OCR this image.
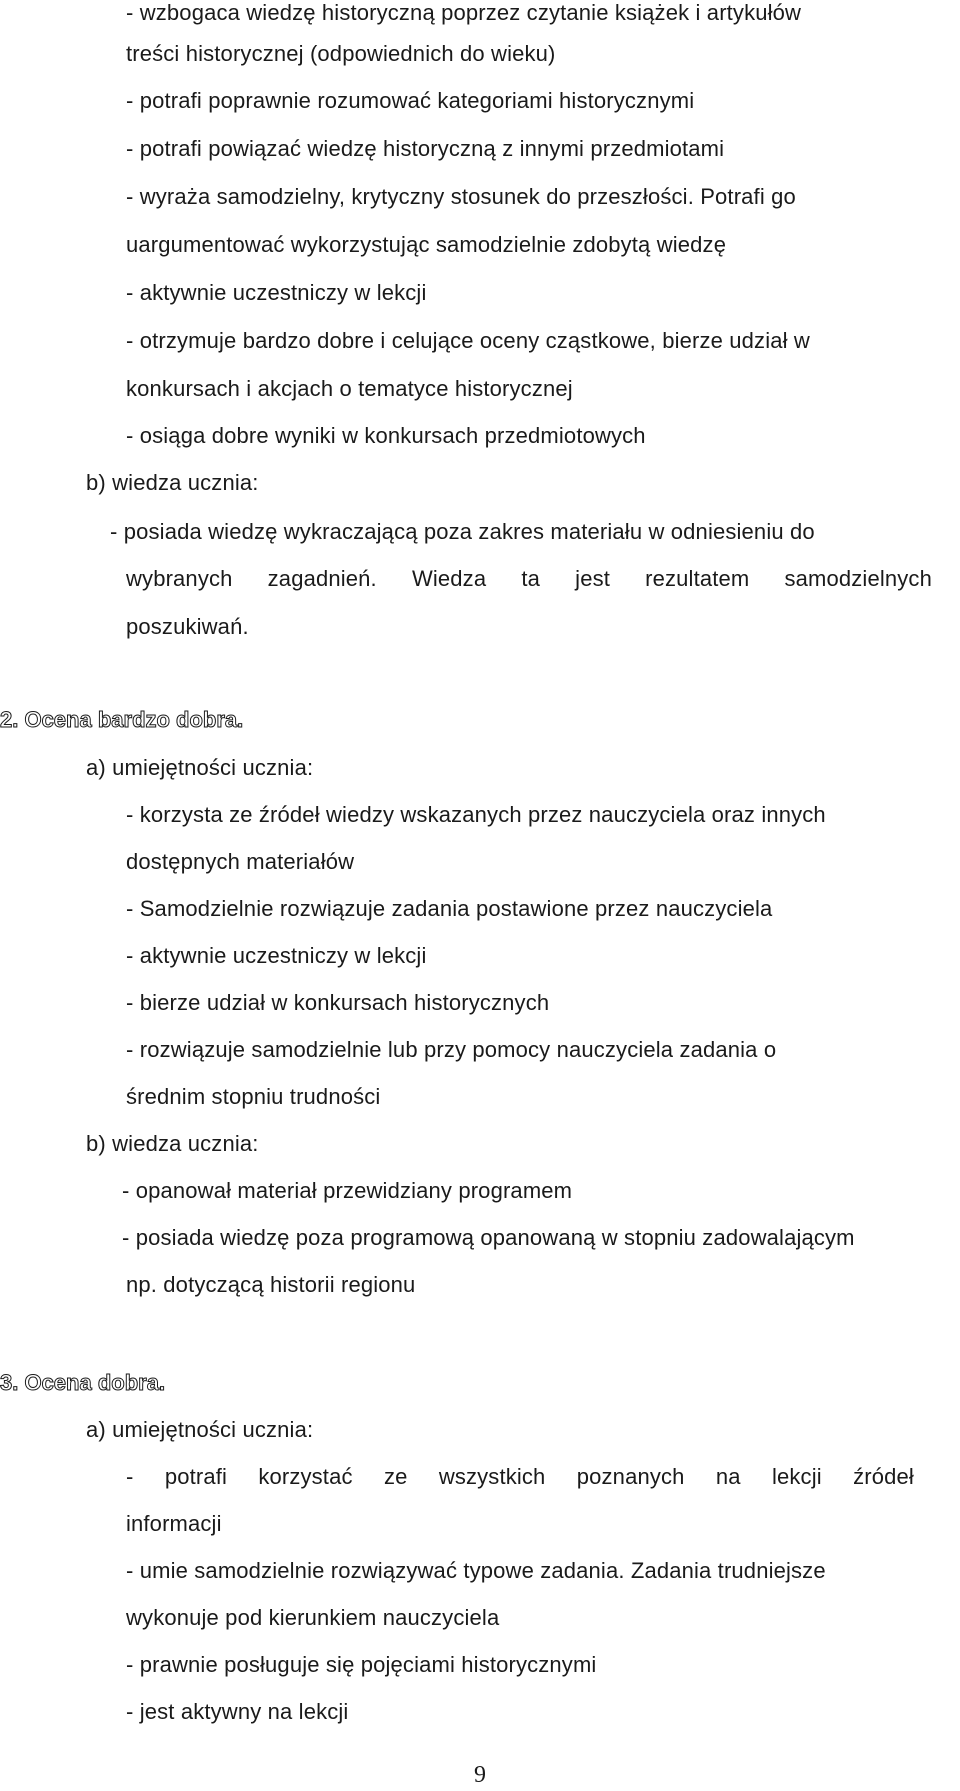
- wzbogaca wiedzę historyczną poprzez czytanie książek i artykułów
treści historycznej (odpowiednich do wieku)
- potrafi poprawnie rozumować kategoriami historycznymi
- potrafi powiązać wiedzę historyczną z innymi przedmiotami
- wyraża samodzielny, krytyczny stosunek do przeszłości. Potrafi go
uargumentować wykorzystując samodzielnie zdobytą wiedzę
- aktywnie uczestniczy w lekcji
- otrzymuje bardzo dobre i celujące oceny cząstkowe, bierze udział w
konkursach i akcjach o tematyce historycznej
- osiąga dobre wyniki w konkursach przedmiotowych
b) wiedza ucznia:
- posiada wiedzę wykraczającą poza zakres materiału w odniesieniu do
wybranych zagadnień. Wiedza ta jest rezultatem samodzielnych
poszukiwań.
2. Ocena bardzo dobra.
a) umiejętności ucznia:
- korzysta ze źródeł wiedzy wskazanych przez nauczyciela oraz innych
dostępnych materiałów
- Samodzielnie rozwiązuje zadania postawione przez nauczyciela
- aktywnie uczestniczy w lekcji
- bierze udział w konkursach historycznych
- rozwiązuje samodzielnie lub przy pomocy nauczyciela zadania o
średnim stopniu trudności
b) wiedza ucznia:
- opanował materiał przewidziany programem
- posiada wiedzę poza programową opanowaną w stopniu zadowalającym
np. dotyczącą historii regionu
3. Ocena dobra.
a) umiejętności ucznia:
- potrafi korzystać ze wszystkich poznanych na lekcji źródeł
informacji
- umie samodzielnie rozwiązywać typowe zadania. Zadania trudniejsze
wykonuje pod kierunkiem nauczyciela
- prawnie posługuje się pojęciami historycznymi
- jest aktywny na lekcji
9
